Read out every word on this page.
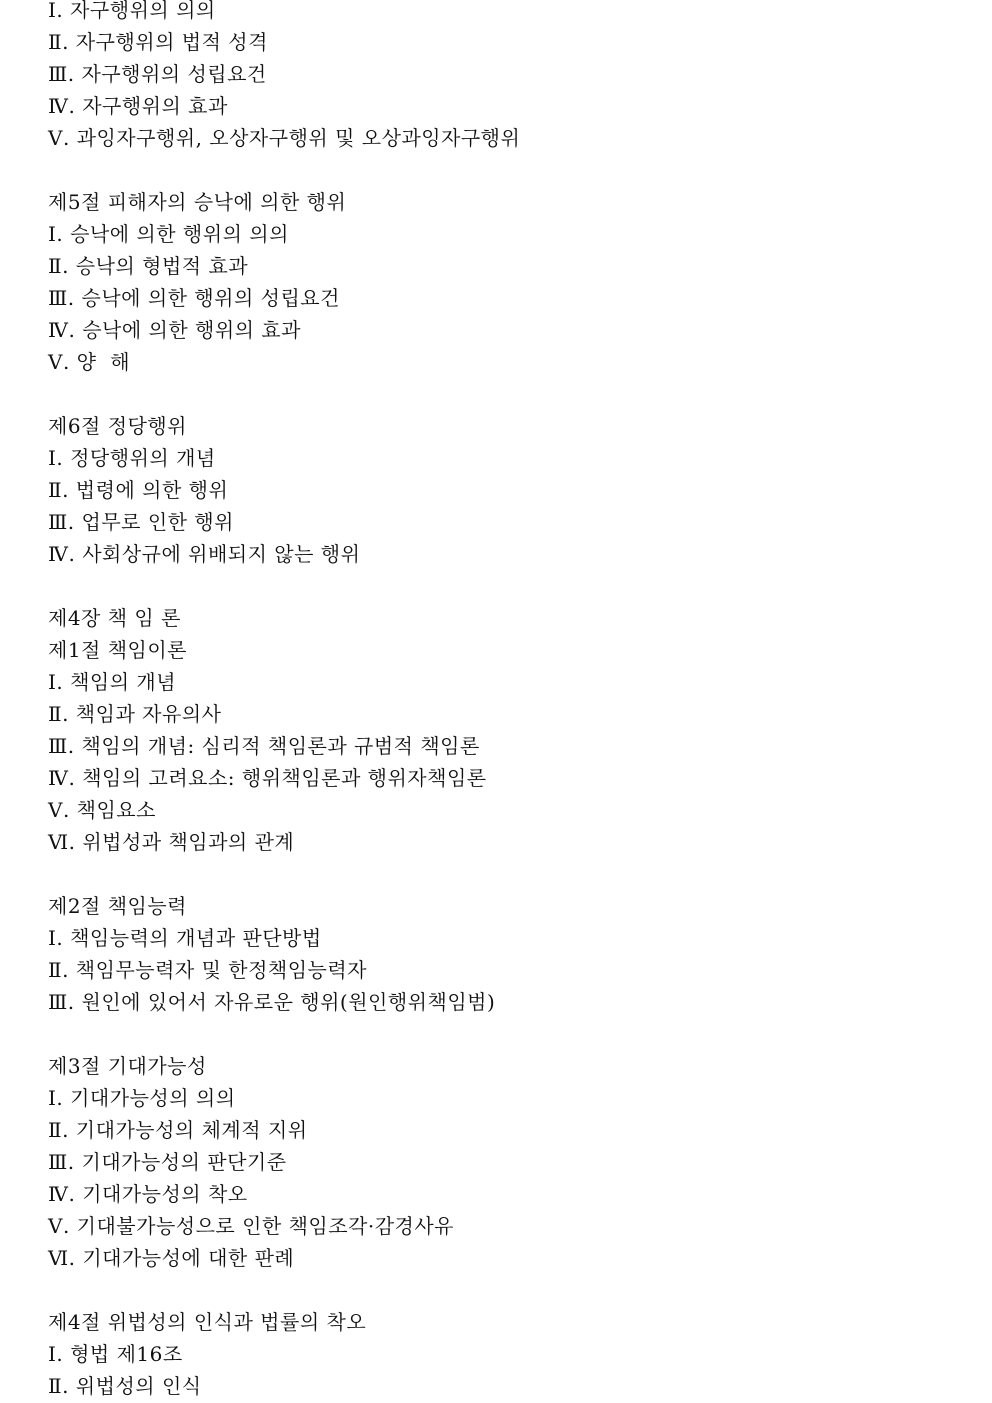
Ⅰ. 자구행위의 의의
Ⅱ. 자구행위의 법적 성격
Ⅲ. 자구행위의 성립요건
Ⅳ. 자구행위의 효과
Ⅴ. 과잉자구행위, 오상자구행위 및 오상과잉자구행위
제5절 피해자의 승낙에 의한 행위
Ⅰ. 승낙에 의한 행위의 의의
Ⅱ. 승낙의 형법적 효과
Ⅲ. 승낙에 의한 행위의 성립요건
Ⅳ. 승낙에 의한 행위의 효과
Ⅴ. 양  해
제6절 정당행위
Ⅰ. 정당행위의 개념
Ⅱ. 법령에 의한 행위
Ⅲ. 업무로 인한 행위
Ⅳ. 사회상규에 위배되지 않는 행위
제4장 책 임 론
제1절 책임이론
Ⅰ. 책임의 개념
Ⅱ. 책임과 자유의사
Ⅲ. 책임의 개념: 심리적 책임론과 규범적 책임론
Ⅳ. 책임의 고려요소: 행위책임론과 행위자책임론
Ⅴ. 책임요소
Ⅵ. 위법성과 책임과의 관계
제2절 책임능력
Ⅰ. 책임능력의 개념과 판단방법
Ⅱ. 책임무능력자 및 한정책임능력자
Ⅲ. 원인에 있어서 자유로운 행위(원인행위책임범)
제3절 기대가능성
Ⅰ. 기대가능성의 의의
Ⅱ. 기대가능성의 체계적 지위
Ⅲ. 기대가능성의 판단기준
Ⅳ. 기대가능성의 착오
Ⅴ. 기대불가능성으로 인한 책임조각·감경사유
Ⅵ. 기대가능성에 대한 판례
제4절 위법성의 인식과 법률의 착오
Ⅰ. 형법 제16조
Ⅱ. 위법성의 인식
